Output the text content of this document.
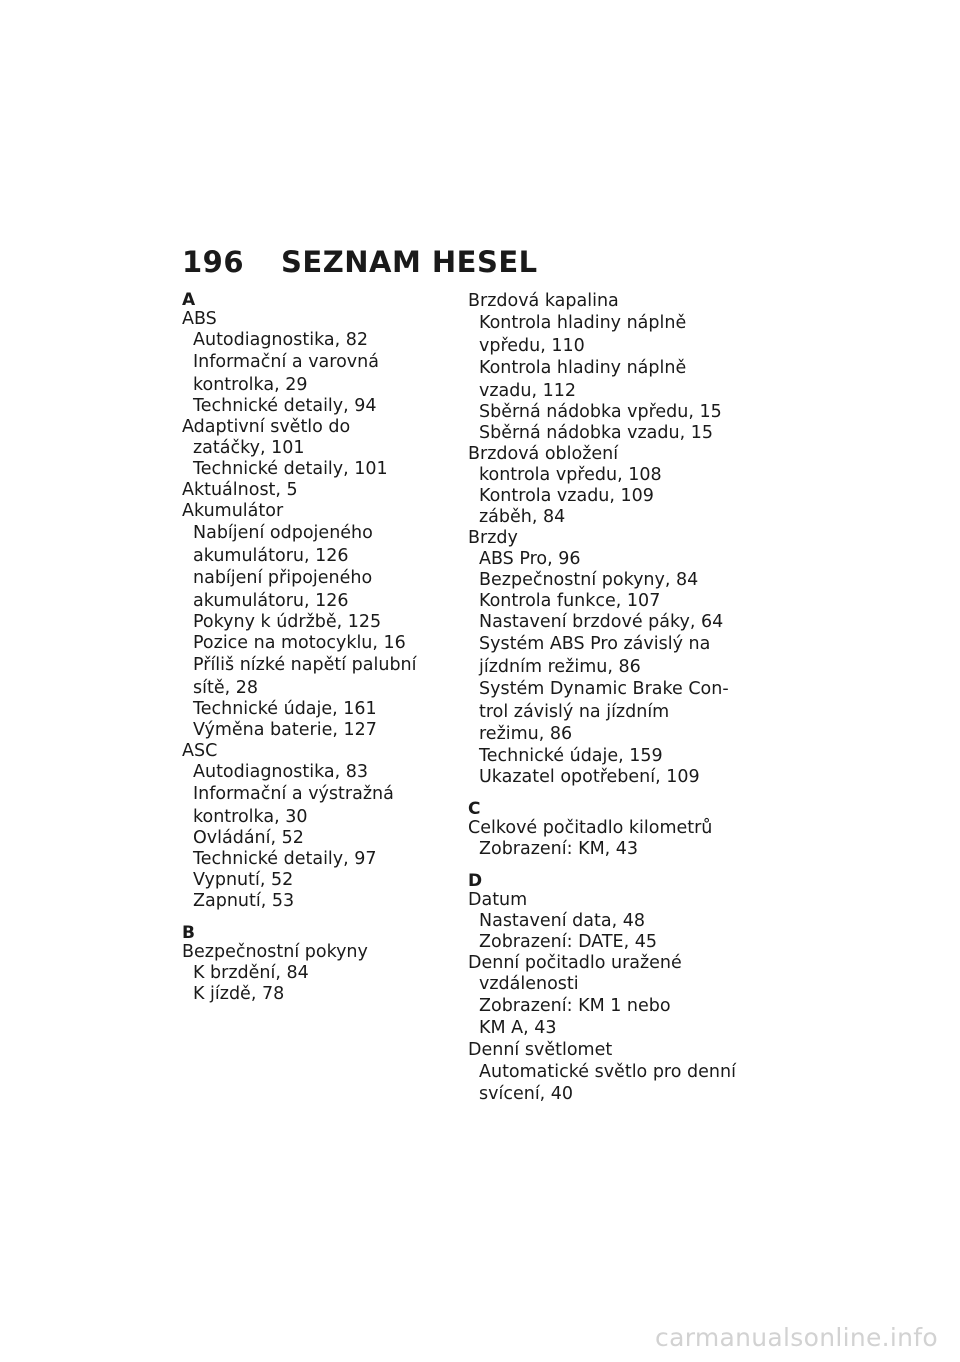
196	SEZNAM HESEL
A
ABS
Autodiagnostika, 82
Informační a varovná
kontrolka, 29
Technické detaily, 94
Adaptivní světlo do
zatáčky, 101
Technické detaily, 101
Aktuálnost, 5
Akumulátor
Nabíjení odpojeného
akumulátoru, 126
nabíjení připojeného
akumulátoru, 126
Pokyny k údržbě, 125
Pozice na motocyklu, 16
Příliš nízké napětí palubní
sítě, 28
Technické údaje, 161
Výměna baterie, 127
ASC
Autodiagnostika, 83
Informační a výstražná
kontrolka, 30
Ovládání, 52
Technické detaily, 97
Vypnutí, 52
Zapnutí, 53
B
Bezpečnostní pokyny
K brzdění, 84
K jízdě, 78
Brzdová kapalina
Kontrola hladiny náplně
vpředu, 110
Kontrola hladiny náplně
vzadu, 112
Sběrná nádobka vpředu, 15
Sběrná nádobka vzadu, 15
Brzdová obložení
kontrola vpředu, 108
Kontrola vzadu, 109
záběh, 84
Brzdy
ABS Pro, 96
Bezpečnostní pokyny, 84
Kontrola funkce, 107
Nastavení brzdové páky, 64
Systém ABS Pro závislý na
jízdním režimu, 86
Systém Dynamic Brake Con-
trol závislý na jízdním
režimu, 86
Technické údaje, 159
Ukazatel opotřebení, 109
C
Celkové počitadlo kilometrů
Zobrazení: KM, 43
D
Datum
Nastavení data, 48
Zobrazení: DATE, 45
Denní počitadlo uražené
vzdálenosti
Zobrazení: KM 1 nebo
KM A, 43
Denní světlomet
Automatické světlo pro denní
svícení, 40
carmanualsonline.info
